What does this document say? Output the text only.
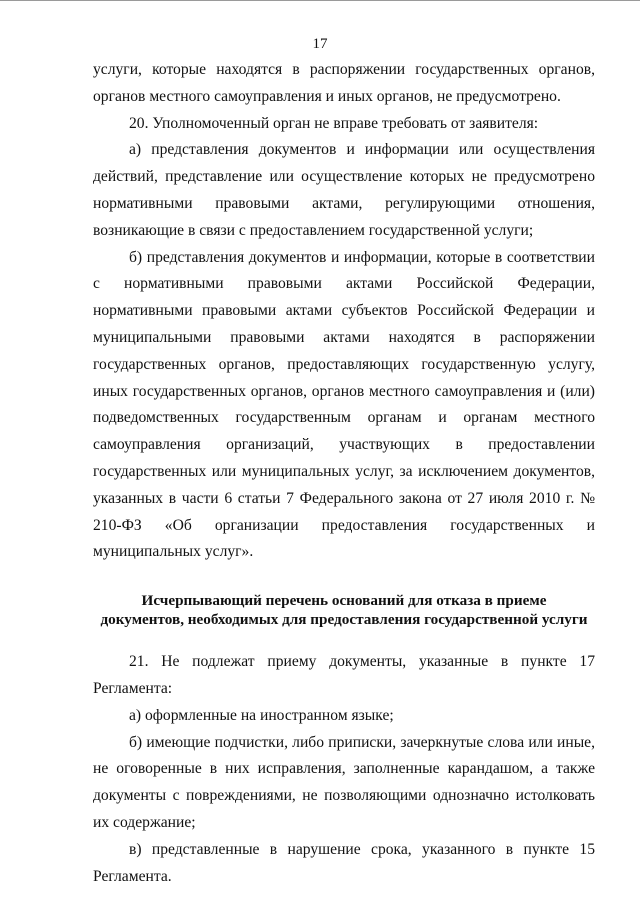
17

услуги, которые находятся в распоряжении государственных органов, органов местного самоуправления и иных органов, не предусмотрено.

20. Уполномоченный орган не вправе требовать от заявителя:

а) представления документов и информации или осуществления действий, представление или осуществление которых не предусмотрено нормативными правовыми актами, регулирующими отношения, возникающие в связи с предоставлением государственной услуги;

б) представления документов и информации, которые в соответствии с нормативными правовыми актами Российской Федерации, нормативными правовыми актами субъектов Российской Федерации и муниципальными правовыми актами находятся в распоряжении государственных органов, предоставляющих государственную услугу, иных государственных органов, органов местного самоуправления и (или) подведомственных государственным органам и органам местного самоуправления организаций, участвующих в предоставлении государственных или муниципальных услуг, за исключением документов, указанных в части 6 статьи 7 Федерального закона от 27 июля 2010 г. № 210-ФЗ «Об организации предоставления государственных и муниципальных услуг».

Исчерпывающий перечень оснований для отказа в приеме
документов, необходимых для предоставления государственной услуги

21. Не подлежат приему документы, указанные в пункте 17 Регламента:

а) оформленные на иностранном языке;

б) имеющие подчистки, либо приписки, зачеркнутые слова или иные, не оговоренные в них исправления, заполненные карандашом, а также документы с повреждениями, не позволяющими однозначно истолковать их содержание;

в) представленные в нарушение срока, указанного в пункте 15 Регламента.
